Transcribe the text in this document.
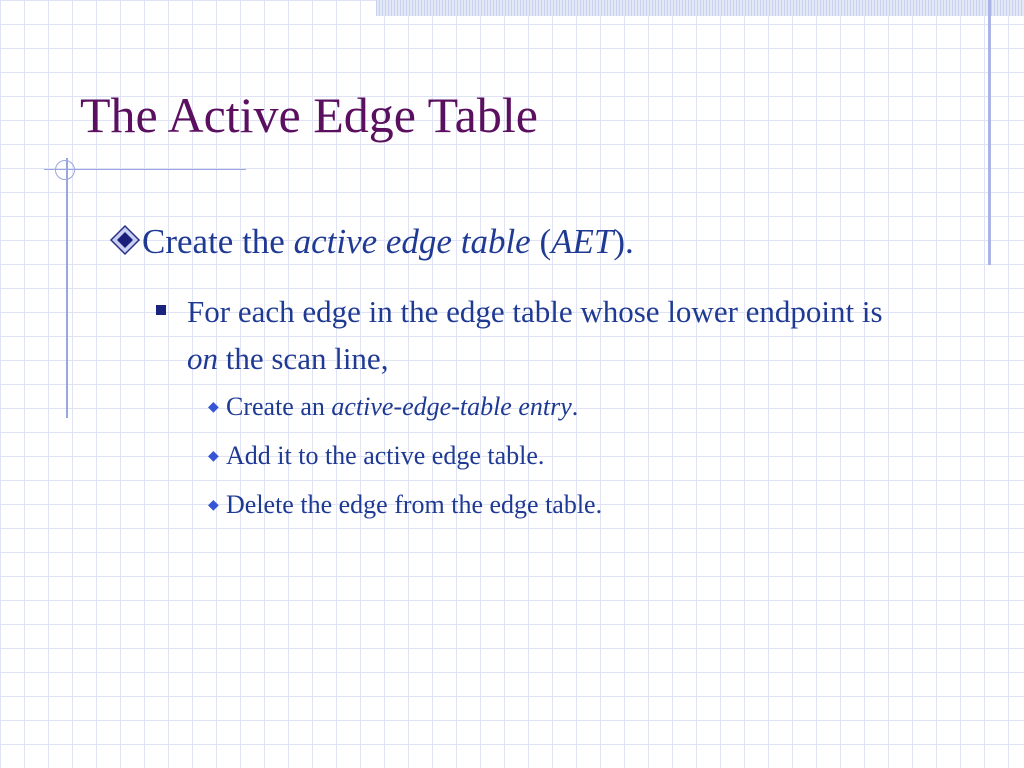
The Active Edge Table
Create the active edge table (AET).
For each edge in the edge table whose lower endpoint is on the scan line,
◆ Create an active-edge-table entry.
◆ Add it to the active edge table.
◆ Delete the edge from the edge table.
